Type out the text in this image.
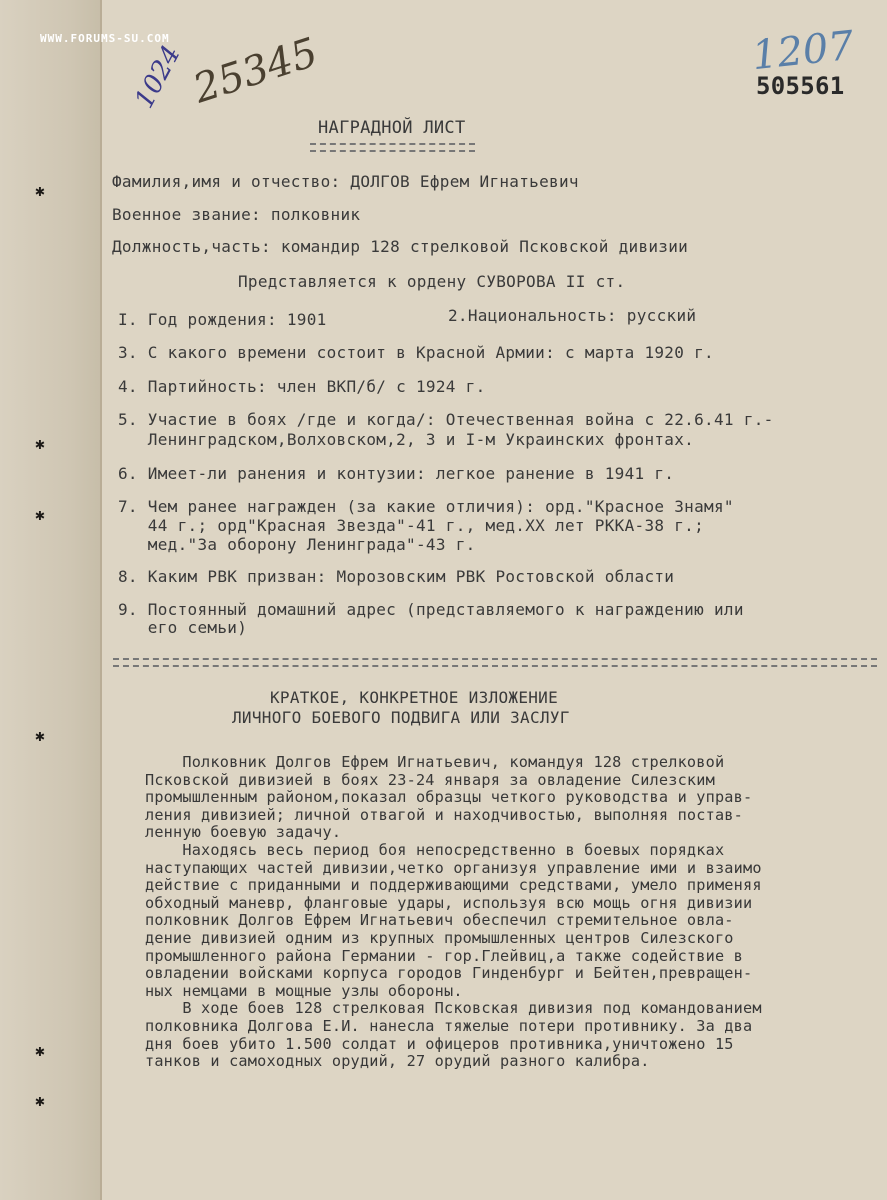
WWW.FORUMS-SU.COM
✱
✱
✱
✱
✱
✱
1024 25345	1207
505561
НАГРАДНОЙ ЛИСТ
Фамилия,имя и отчество: ДОЛГОВ Ефрем Игнатьевич
Военное звание: полковник
Должность,часть: командир 128 стрелковой Псковской дивизии
Представляется к ордену СУВОРОВА II ст.
I. Год рождения: 1901	2.Национальность: русский
3. С какого времени состоит в Красной Армии: с марта 1920 г.
4. Партийность: член ВКП/б/ с 1924 г.
5. Участие в боях /где и когда/: Отечественная война с 22.6.41 г.-
Ленинградском,Волховском,2, 3 и I-м Украинских фронтах.
6. Имеет-ли ранения и контузии: легкое ранение в 1941 г.
7. Чем ранее награжден (за какие отличия): орд."Красное Знамя"
44 г.; орд"Красная Звезда"-41 г., мед.XX лет РККА-38 г.;
мед."За оборону Ленинграда"-43 г.
8. Каким РВК призван: Морозовским РВК Ростовской области
9. Постоянный домашний адрес (представляемого к награждению или
его семьи)
КРАТКОЕ, КОНКРЕТНОЕ ИЗЛОЖЕНИЕ
ЛИЧНОГО БОЕВОГО ПОДВИГА ИЛИ ЗАСЛУГ
Полковник Долгов Ефрем Игнатьевич, командуя 128 стрелковой
Псковской дивизией в боях 23-24 января за овладение Силезским
промышленным районом,показал образцы четкого руководства и управ-
ления дивизией; личной отвагой и находчивостью, выполняя постав-
ленную боевую задачу.
Находясь весь период боя непосредственно в боевых порядках
наступающих частей дивизии,четко организуя управление ими и взаимо
действие с приданными и поддерживающими средствами, умело применяя
обходный маневр, фланговые удары, используя всю мощь огня дивизии
полковник Долгов Ефрем Игнатьевич обеспечил стремительное овла-
дение дивизией одним из крупных промышленных центров Силезского
промышленного района Германии - гор.Глейвиц,а также содействие в
овладении войсками корпуса городов Гинденбург и Бейтен,превращен-
ных немцами в мощные узлы обороны.
В ходе боев 128 стрелковая Псковская дивизия под командованием
полковника Долгова Е.И. нанесла тяжелые потери противнику. За два
дня боев убито 1.500 солдат и офицеров противника,уничтожено 15
танков и самоходных орудий, 27 орудий разного калибра.
